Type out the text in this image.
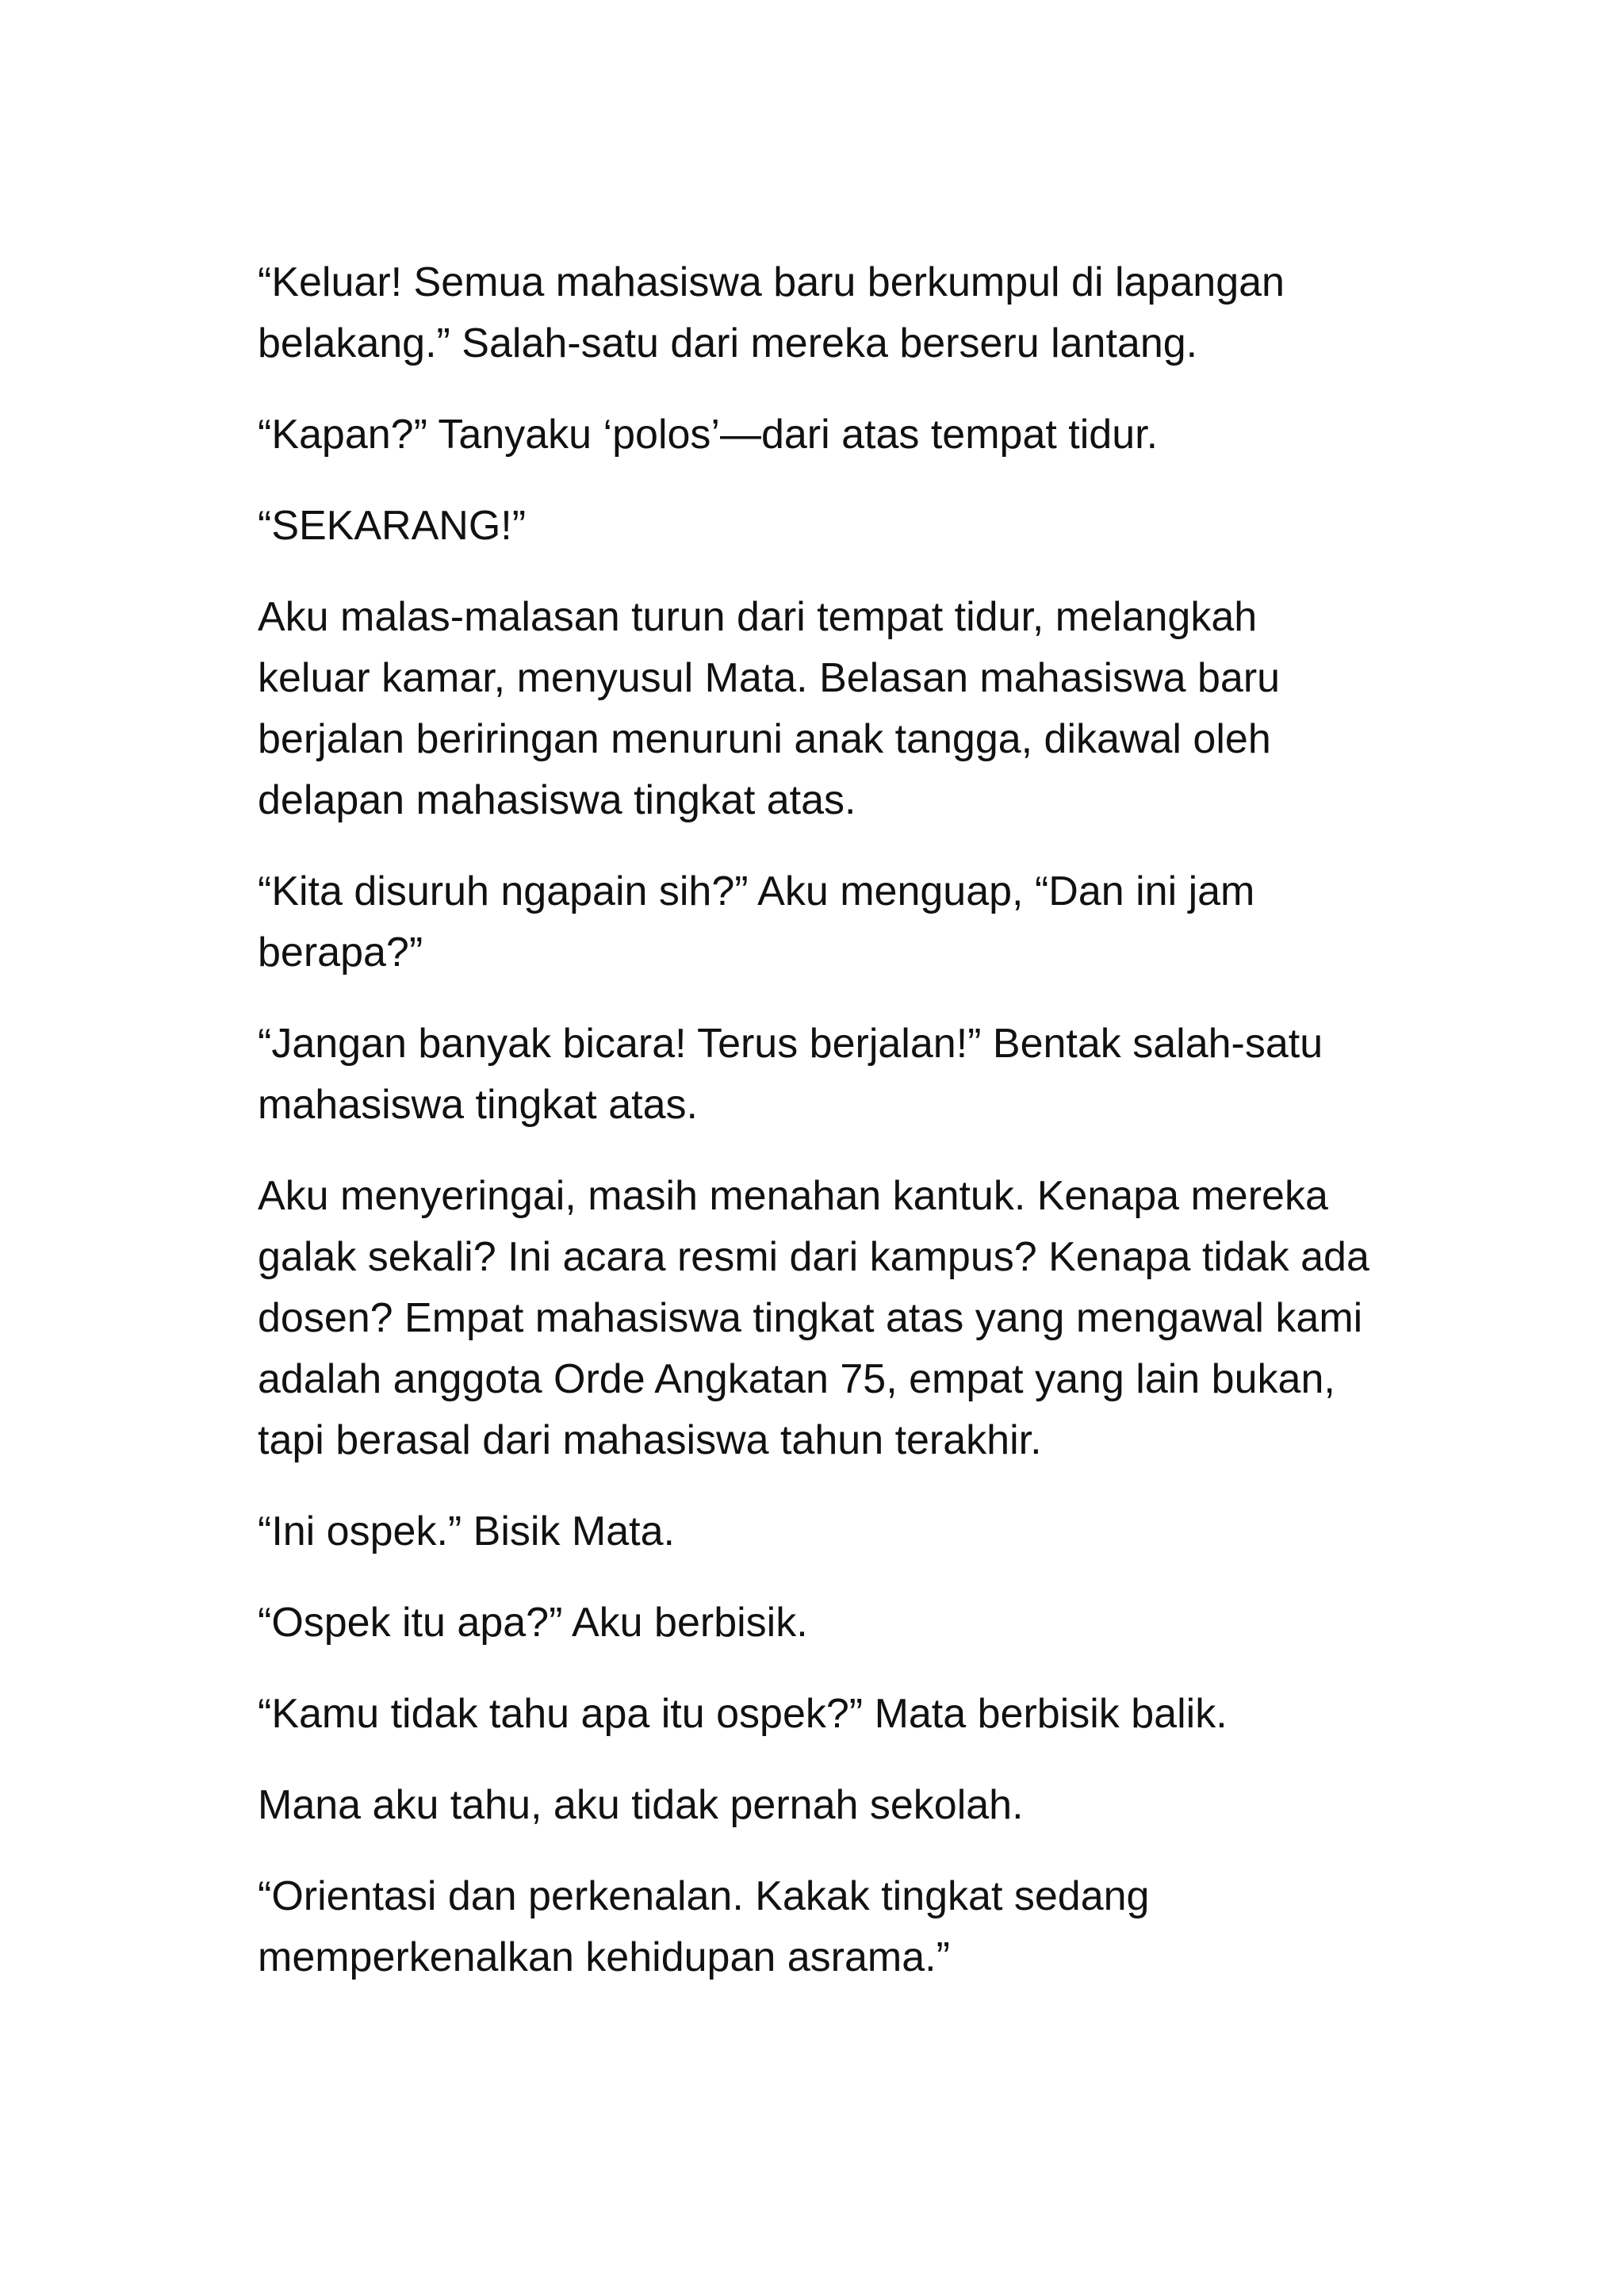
“Keluar! Semua mahasiswa baru berkumpul di lapangan
belakang.” Salah-satu dari mereka berseru lantang.

“Kapan?” Tanyaku ‘polos’—dari atas tempat tidur.

“SEKARANG!”

Aku malas-malasan turun dari tempat tidur, melangkah
keluar kamar, menyusul Mata. Belasan mahasiswa baru
berjalan beriringan menuruni anak tangga, dikawal oleh
delapan mahasiswa tingkat atas.

“Kita disuruh ngapain sih?” Aku menguap, “Dan ini jam
berapa?”

“Jangan banyak bicara! Terus berjalan!” Bentak salah-satu
mahasiswa tingkat atas.

Aku menyeringai, masih menahan kantuk. Kenapa mereka
galak sekali? Ini acara resmi dari kampus? Kenapa tidak ada
dosen? Empat mahasiswa tingkat atas yang mengawal kami
adalah anggota Orde Angkatan 75, empat yang lain bukan,
tapi berasal dari mahasiswa tahun terakhir.

“Ini ospek.” Bisik Mata.

“Ospek itu apa?” Aku berbisik.

“Kamu tidak tahu apa itu ospek?” Mata berbisik balik.

Mana aku tahu, aku tidak pernah sekolah.

“Orientasi dan perkenalan. Kakak tingkat sedang
memperkenalkan kehidupan asrama.”
